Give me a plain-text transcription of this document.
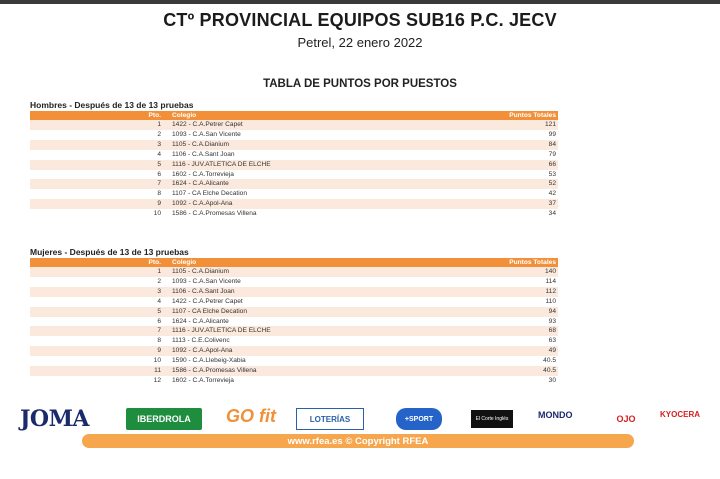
CTº PROVINCIAL EQUIPOS SUB16 P.C. JECV
Petrel, 22 enero 2022
TABLA DE PUNTOS POR PUESTOS
Hombres - Después de 13 de 13 pruebas
Pto.	Colegio	Puntos Totales
1	1422 - C.A.Petrer Capet	121
2	1093 - C.A.San Vicente	99
3	1105 - C.A.Dianium	84
4	1106 - C.A.Sant Joan	79
5	1116 - JUV.ATLETICA DE ELCHE	66
6	1602 - C.A.Torrevieja	53
7	1624 - C.A.Alicante	52
8	1107 - CA Elche Decation	42
9	1092 - C.A.Apol-Ana	37
10	1586 - C.A.Promesas Villena	34
Mujeres - Después de 13 de 13 pruebas
Pto.	Colegio	Puntos Totales
1	1105 - C.A.Dianium	140
2	1093 - C.A.San Vicente	114
3	1106 - C.A.Sant Joan	112
4	1422 - C.A.Petrer Capet	110
5	1107 - CA Elche Decation	94
6	1624 - C.A.Alicante	93
7	1116 - JUV.ATLETICA DE ELCHE	68
8	1113 - C.E.Colivenc	63
9	1092 - C.A.Apol-Ana	49
10	1590 - C.A.Llebeig-Xabia	40.5
11	1586 - C.A.Promesas Villena	40.5
12	1602 - C.A.Torrevieja	30
JOMA	IBERDROLA	GO fit	LOTERÍAS	+SPORT	El Corte Inglés	MONDO	OJO	KYOCERA
www.rfea.es © Copyright RFEA
